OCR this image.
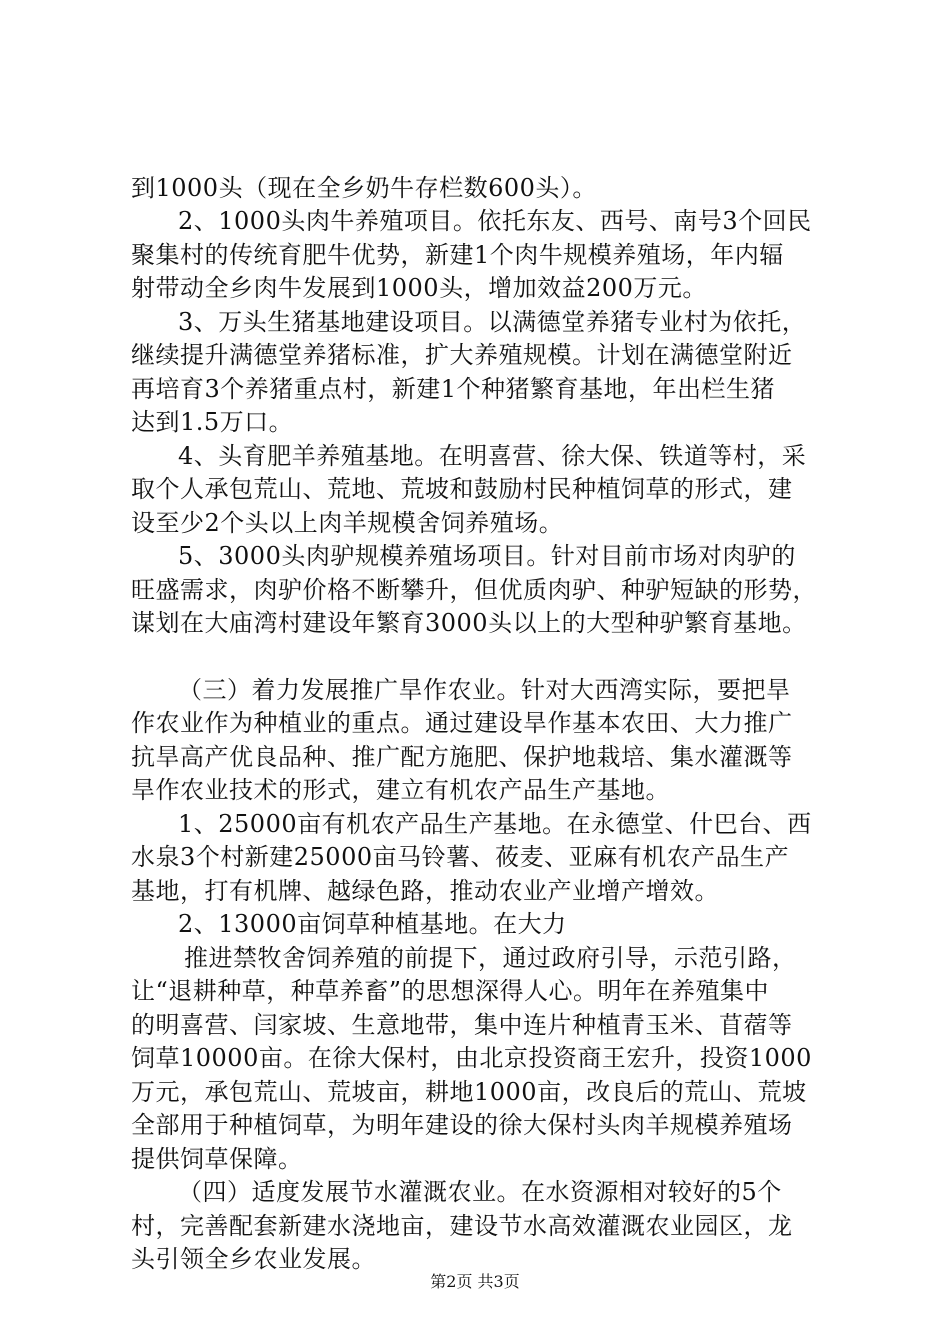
到1000头（现在全乡奶牛存栏数600头）。
2、1000头肉牛养殖项目。依托东友、西号、南号3个回民
聚集村的传统育肥牛优势，新建1个肉牛规模养殖场，年内辐
射带动全乡肉牛发展到1000头，增加效益200万元。
3、万头生猪基地建设项目。以满德堂养猪专业村为依托，
继续提升满德堂养猪标准，扩大养殖规模。计划在满德堂附近
再培育3个养猪重点村，新建1个种猪繁育基地，年出栏生猪
达到1.5万口。
4、头育肥羊养殖基地。在明喜营、徐大保、铁道等村，采
取个人承包荒山、荒地、荒坡和鼓励村民种植饲草的形式，建
设至少2个头以上肉羊规模舍饲养殖场。
5、3000头肉驴规模养殖场项目。针对目前市场对肉驴的
旺盛需求，肉驴价格不断攀升，但优质肉驴、种驴短缺的形势，
谋划在大庙湾村建设年繁育3000头以上的大型种驴繁育基地。
（三）着力发展推广旱作农业。针对大西湾实际，要把旱
作农业作为种植业的重点。通过建设旱作基本农田、大力推广
抗旱高产优良品种、推广配方施肥、保护地栽培、集水灌溉等
旱作农业技术的形式，建立有机农产品生产基地。
1、25000亩有机农产品生产基地。在永德堂、什巴台、西
水泉3个村新建25000亩马铃薯、莜麦、亚麻有机农产品生产
基地，打有机牌、越绿色路，推动农业产业增产增效。
2、13000亩饲草种植基地。在大力
推进禁牧舍饲养殖的前提下，通过政府引导，示范引路，
让“退耕种草，种草养畜”的思想深得人心。明年在养殖集中
的明喜营、闫家坡、生意地带，集中连片种植青玉米、苜蓿等
饲草10000亩。在徐大保村，由北京投资商王宏升，投资1000
万元，承包荒山、荒坡亩，耕地1000亩，改良后的荒山、荒坡
全部用于种植饲草，为明年建设的徐大保村头肉羊规模养殖场
提供饲草保障。
（四）适度发展节水灌溉农业。在水资源相对较好的5个
村，完善配套新建水浇地亩，建设节水高效灌溉农业园区，龙
头引领全乡农业发展。
第2页 共3页
